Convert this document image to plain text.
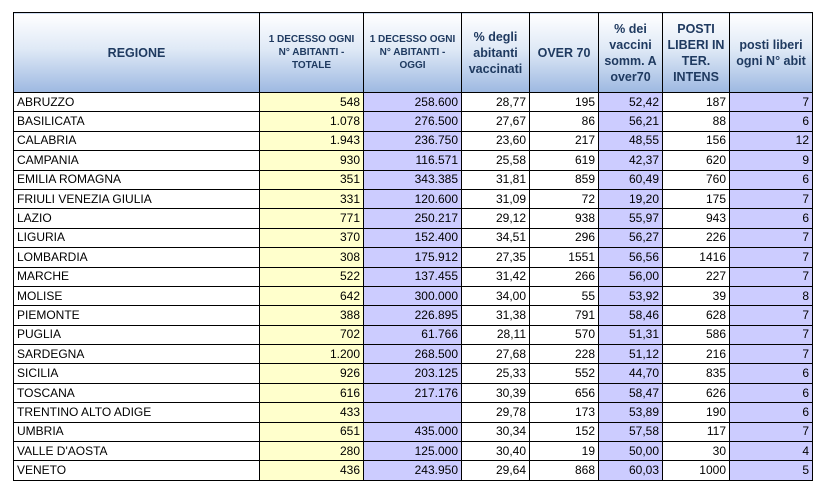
REGIONE	1 DECESSO OGNI N° ABITANTI - TOTALE	1 DECESSO OGNI N° ABITANTI - OGGI	% degli abitanti vaccinati	OVER 70	% dei vaccini somm. A over70	POSTI LIBERI IN TER. INTENS	posti liberi ogni N° abit
ABRUZZO	548	258.600	28,77	195	52,42	187	7
BASILICATA	1.078	276.500	27,67	86	56,21	88	6
CALABRIA	1.943	236.750	23,60	217	48,55	156	12
CAMPANIA	930	116.571	25,58	619	42,37	620	9
EMILIA ROMAGNA	351	343.385	31,81	859	60,49	760	6
FRIULI VENEZIA GIULIA	331	120.600	31,09	72	19,20	175	7
LAZIO	771	250.217	29,12	938	55,97	943	6
LIGURIA	370	152.400	34,51	296	56,27	226	7
LOMBARDIA	308	175.912	27,35	1551	56,56	1416	7
MARCHE	522	137.455	31,42	266	56,00	227	7
MOLISE	642	300.000	34,00	55	53,92	39	8
PIEMONTE	388	226.895	31,38	791	58,46	628	7
PUGLIA	702	61.766	28,11	570	51,31	586	7
SARDEGNA	1.200	268.500	27,68	228	51,12	216	7
SICILIA	926	203.125	25,33	552	44,70	835	6
TOSCANA	616	217.176	30,39	656	58,47	626	6
TRENTINO ALTO ADIGE	433		29,78	173	53,89	190	6
UMBRIA	651	435.000	30,34	152	57,58	117	7
VALLE D'AOSTA	280	125.000	30,40	19	50,00	30	4
VENETO	436	243.950	29,64	868	60,03	1000	5
